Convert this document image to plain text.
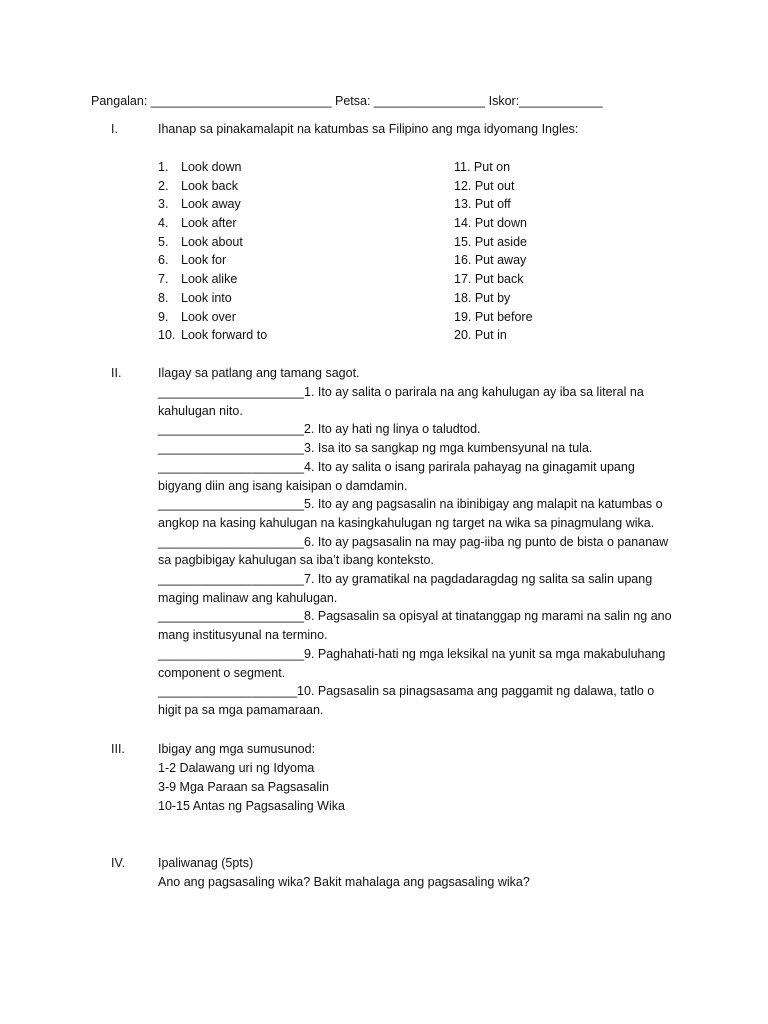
Pangalan: __________________________ Petsa: ________________ Iskor:____________
I.	Ihanap sa pinakamalapit na katumbas sa Filipino ang mga idyomang Ingles:
1. Look down
2. Look back
3. Look away
4. Look after
5. Look about
6. Look for
7. Look alike
8. Look into
9. Look over
10. Look forward to
11. Put on
12. Put out
13. Put off
14. Put down
15. Put aside
16. Put away
17. Put back
18. Put by
19. Put before
20. Put in
II.	Ilagay sa patlang ang tamang sagot.

_____________________1. Ito ay salita o parirala na ang kahulugan ay iba sa literal na kahulugan nito.

_____________________2. Ito ay hati ng linya o taludtod.

_____________________3. Isa ito sa sangkap ng mga kumbensyunal na tula.

_____________________4. Ito ay salita o isang parirala pahayag na ginagamit upang bigyang diin ang isang kaisipan o damdamin.

_____________________5. Ito ay ang pagsasalin na ibinibigay ang malapit na katumbas o angkop na kasing kahulugan na kasingkahulugan ng target na wika sa pinagmulang wika.

_____________________6. Ito ay pagsasalin na may pag-iiba ng punto de bista o pananaw sa pagbibigay kahulugan sa iba’t ibang konteksto.

_____________________7. Ito ay gramatikal na pagdadaragdag ng salita sa salin upang maging malinaw ang kahulugan.

_____________________8. Pagsasalin sa opisyal at tinatanggap ng marami na salin ng ano mang institusyunal na termino.

_____________________9. Paghahati-hati ng mga leksikal na yunit sa mga makabuluhang component o segment.

____________________10. Pagsasalin sa pinagsasama ang paggamit ng dalawa, tatlo o higit pa sa mga pamamaraan.

III.	Ibigay ang mga sumusunod:
1-2 Dalawang uri ng Idyoma
3-9 Mga Paraan sa Pagsasalin
10-15 Antas ng Pagsasaling Wika
IV.	Ipaliwanag (5pts)
Ano ang pagsasaling wika? Bakit mahalaga ang pagsasaling wika?
